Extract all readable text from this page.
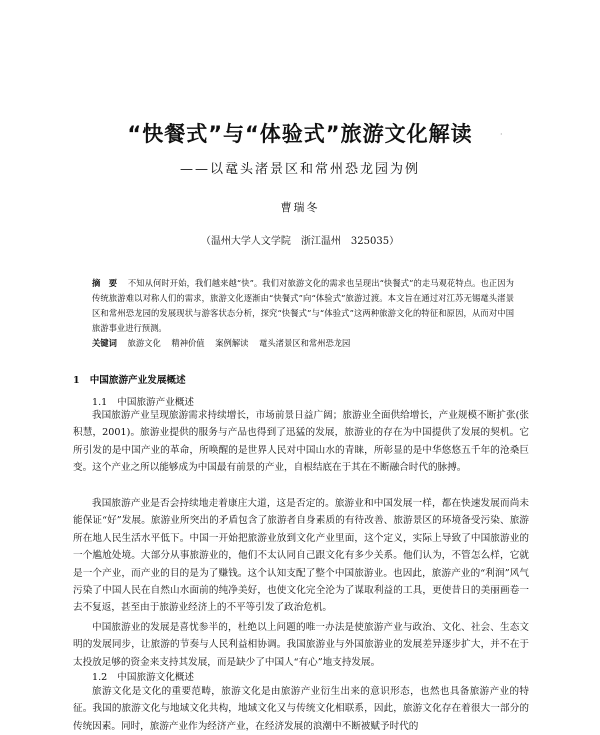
“快餐式”与“体验式”旅游文化解读	·
——以鼋头渚景区和常州恐龙园为例
曹瑞冬
（温州大学人文学院　浙江温州　325035）
摘　要 不知从何时开始，我们越来越“快”。我们对旅游文化的需求也呈现出“快餐式”的走马观花特点。也正因为传统旅游难以对称人们的需求，旅游文化逐渐由“快餐式”向“体验式”旅游过渡。本文旨在通过对江苏无锡鼋头渚景区和常州恐龙园的发展现状与游客状态分析，探究“快餐式”与“体验式”这两种旅游文化的特征和原因，从而对中国旅游事业进行预测。
关键词 旅游文化 精神价值 案例解读 鼋头渚景区和常州恐龙园
1 中国旅游产业发展概述
1.1 中国旅游产业概述

我国旅游产业呈现旅游需求持续增长，市场前景日益广阔；旅游业全面供给增长，产业规模不断扩张(张积慧，2001)。旅游业提供的服务与产品也得到了迅猛的发展，旅游业的存在为中国提供了发展的契机。它所引发的是中国产业的革命，所唤醒的是世界人民对中国山水的青睐，所彰显的是中华悠悠五千年的沧桑巨变。这个产业之所以能够成为中国最有前景的产业，自根结底在于其在不断融合时代的脉搏。

我国旅游产业是否会持续地走着康庄大道，这是否定的。旅游业和中国发展一样，都在快速发展而尚未能保证“好”发展。旅游业所突出的矛盾包含了旅游者自身素质的有待改善、旅游景区的环境备受污染、旅游所在地人民生活水平低下。中国一开始把旅游业放到文化产业里面，这个定义，实际上导致了中国旅游业的一个尴尬处境。大部分从事旅游业的，他们不太认同自己跟文化有多少关系。他们认为，不管怎么样，它就是一个产业，而产业的目的是为了赚钱。这个认知支配了整个中国旅游业。也因此，旅游产业的“利润”风气污染了中国人民在自然山水面前的纯净美好，也使文化完全沦为了谋取利益的工具，更使昔日的美丽画卷一去不复返，甚至由于旅游业经济上的不平等引发了政治危机。

中国旅游业的发展是喜忧参半的，杜绝以上问题的唯一办法是使旅游产业与政治、文化、社会、生态文明的发展同步，让旅游的节奏与人民利益相协调。我国旅游业与外国旅游业的发展差异逐步扩大，并不在于太投放足够的资金来支持其发展，而是缺少了中国人“有心”地支持发展。

1.2 中国旅游文化概述

旅游文化是文化的重要范畴，旅游文化是由旅游产业衍生出来的意识形态，也然也具备旅游产业的特征。我国的旅游文化与地域文化共构，地域文化又与传统文化相联系，因此，旅游文化存在着很大一部分的传统因素。同时，旅游产业作为经济产业，在经济发展的浪潮中不断被赋予时代的
